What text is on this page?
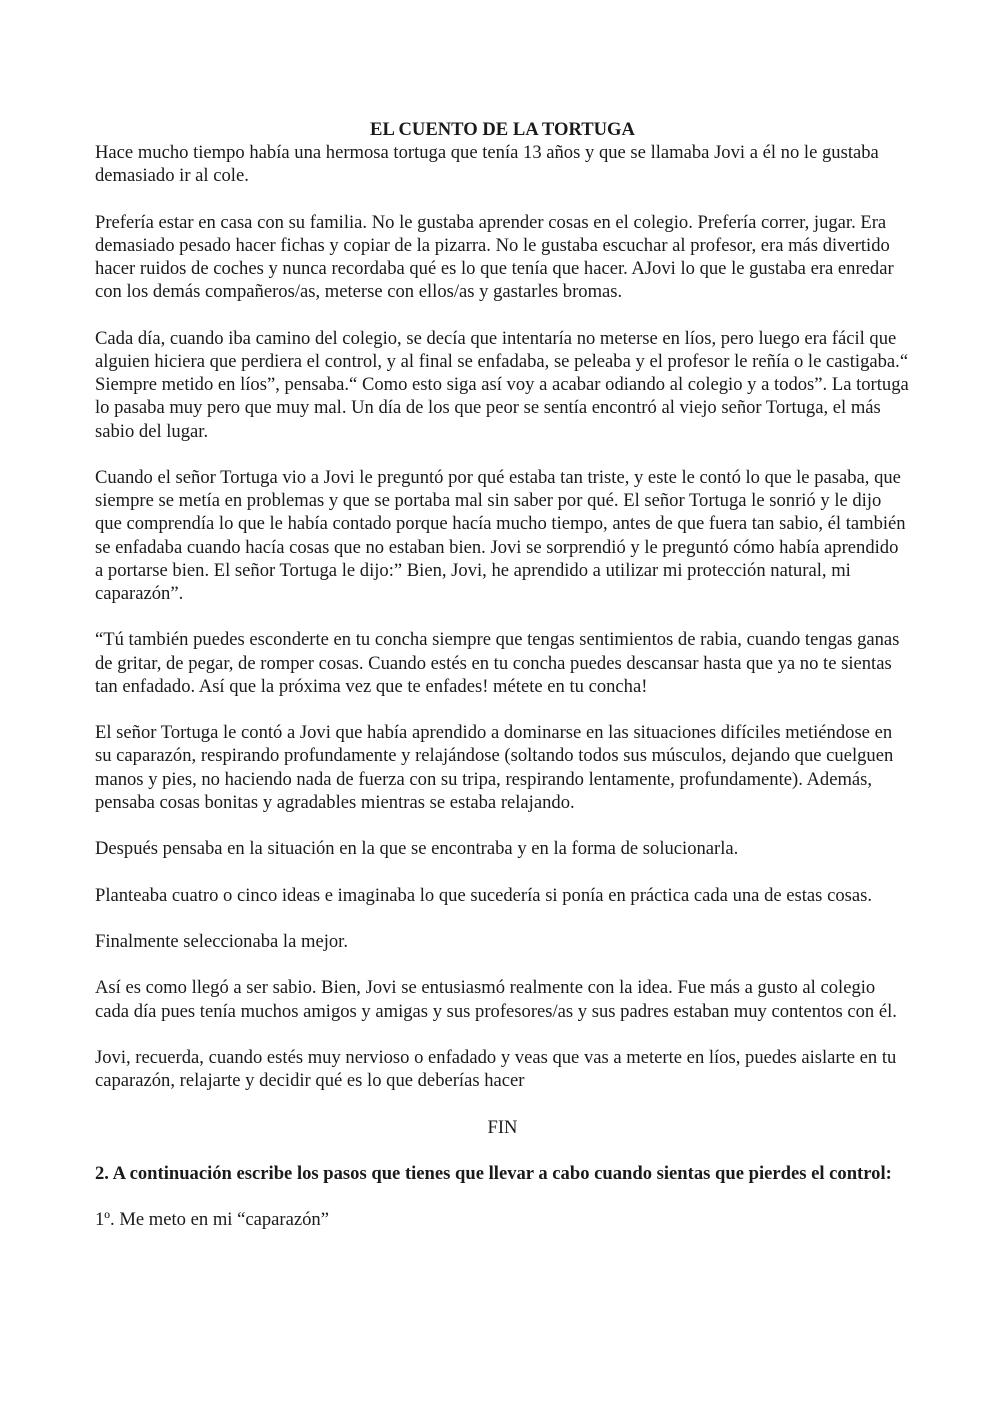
EL CUENTO DE LA TORTUGA

Hace mucho tiempo había una hermosa tortuga que tenía 13 años y que se llamaba Jovi a él no le gustaba demasiado ir al cole.

Prefería estar en casa con su familia. No le gustaba aprender cosas en el colegio. Prefería correr, jugar. Era demasiado pesado hacer fichas y copiar de la pizarra. No le gustaba escuchar al profesor, era más divertido hacer ruidos de coches y nunca recordaba qué es lo que tenía que hacer. AJovi lo que le gustaba era enredar con los demás compañeros/as, meterse con ellos/as y gastarles bromas.

Cada día, cuando iba camino del colegio, se decía que intentaría no meterse en líos, pero luego era fácil que alguien hiciera que perdiera el control, y al final se enfadaba, se peleaba y el profesor le reñía o le castigaba.“ Siempre metido en líos”, pensaba.“ Como esto siga así voy a acabar odiando al colegio y a todos”. La tortuga lo pasaba muy pero que muy mal. Un día de los que peor se sentía encontró al viejo señor Tortuga, el más sabio del lugar.

Cuando el señor Tortuga vio a Jovi le preguntó por qué estaba tan triste, y este le contó lo que le pasaba, que siempre se metía en problemas y que se portaba mal sin saber por qué. El señor Tortuga le sonrió y le dijo que comprendía lo que le había contado porque hacía mucho tiempo, antes de que fuera tan sabio, él también se enfadaba cuando hacía cosas que no estaban bien. Jovi se sorprendió y le preguntó cómo había aprendido a portarse bien. El señor Tortuga le dijo:” Bien, Jovi, he aprendido a utilizar mi protección natural, mi caparazón”.

“Tú también puedes esconderte en tu concha siempre que tengas sentimientos de rabia, cuando tengas ganas de gritar, de pegar, de romper cosas. Cuando estés en tu concha puedes descansar hasta que ya no te sientas tan enfadado. Así que la próxima vez que te enfades! métete en tu concha!

El señor Tortuga le contó a Jovi que había aprendido a dominarse en las situaciones difíciles metiéndose en su caparazón, respirando profundamente y relajándose (soltando todos sus músculos, dejando que cuelguen manos y pies, no haciendo nada de fuerza con su tripa, respirando lentamente, profundamente). Además, pensaba cosas bonitas y agradables mientras se estaba relajando.

Después pensaba en la situación en la que se encontraba y en la forma de solucionarla.

Planteaba cuatro o cinco ideas e imaginaba lo que sucedería si ponía en práctica cada una de estas cosas.

Finalmente seleccionaba la mejor.

Así es como llegó a ser sabio. Bien, Jovi se entusiasmó realmente con la idea. Fue más a gusto al colegio cada día pues tenía muchos amigos y amigas y sus profesores/as y sus padres estaban muy contentos con él.

Jovi, recuerda, cuando estés muy nervioso o enfadado y veas que vas a meterte en líos, puedes aislarte en tu caparazón, relajarte y decidir qué es lo que deberías hacer

FIN

2. A continuación escribe los pasos que tienes que llevar a cabo cuando sientas que pierdes el control:

1º. Me meto en mi “caparazón”
